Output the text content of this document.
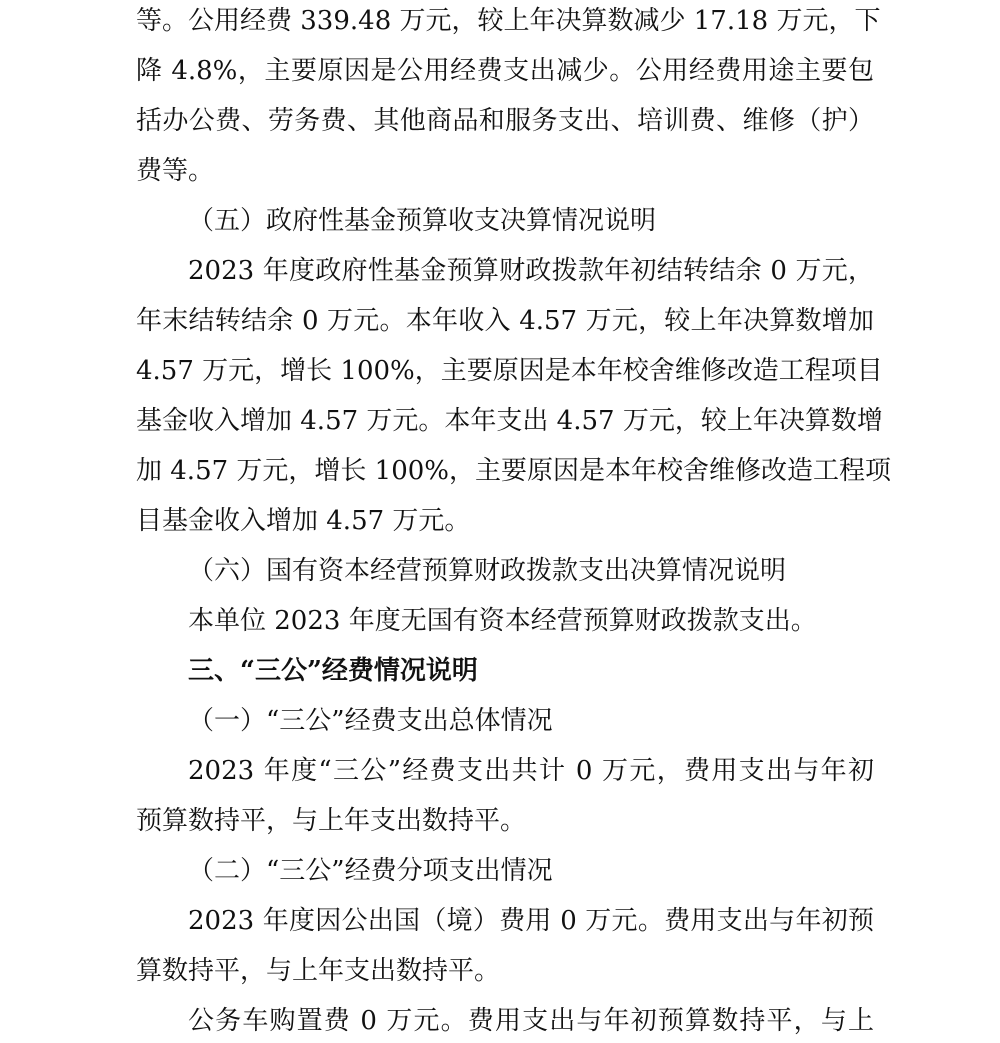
等。公用经费 339.48 万元，较上年决算数减少 17.18 万元，下

降 4.8%，主要原因是公用经费支出减少。公用经费用途主要包

括办公费、劳务费、其他商品和服务支出、培训费、维修（护）

费等。

（五）政府性基金预算收支决算情况说明

2023 年度政府性基金预算财政拨款年初结转结余 0 万元，

年末结转结余 0 万元。本年收入 4.57 万元，较上年决算数增加

4.57 万元，增长 100%，主要原因是本年校舍维修改造工程项目

基金收入增加 4.57 万元。本年支出 4.57 万元，较上年决算数增

加 4.57 万元，增长 100%，主要原因是本年校舍维修改造工程项

目基金收入增加 4.57 万元。

（六）国有资本经营预算财政拨款支出决算情况说明

本单位 2023 年度无国有资本经营预算财政拨款支出。

三、“三公”经费情况说明

（一）“三公”经费支出总体情况

2023 年度“三公”经费支出共计 0 万元，费用支出与年初

预算数持平，与上年支出数持平。

（二）“三公”经费分项支出情况

2023 年度因公出国（境）费用 0 万元。费用支出与年初预

算数持平，与上年支出数持平。

公务车购置费 0 万元。费用支出与年初预算数持平，与上
